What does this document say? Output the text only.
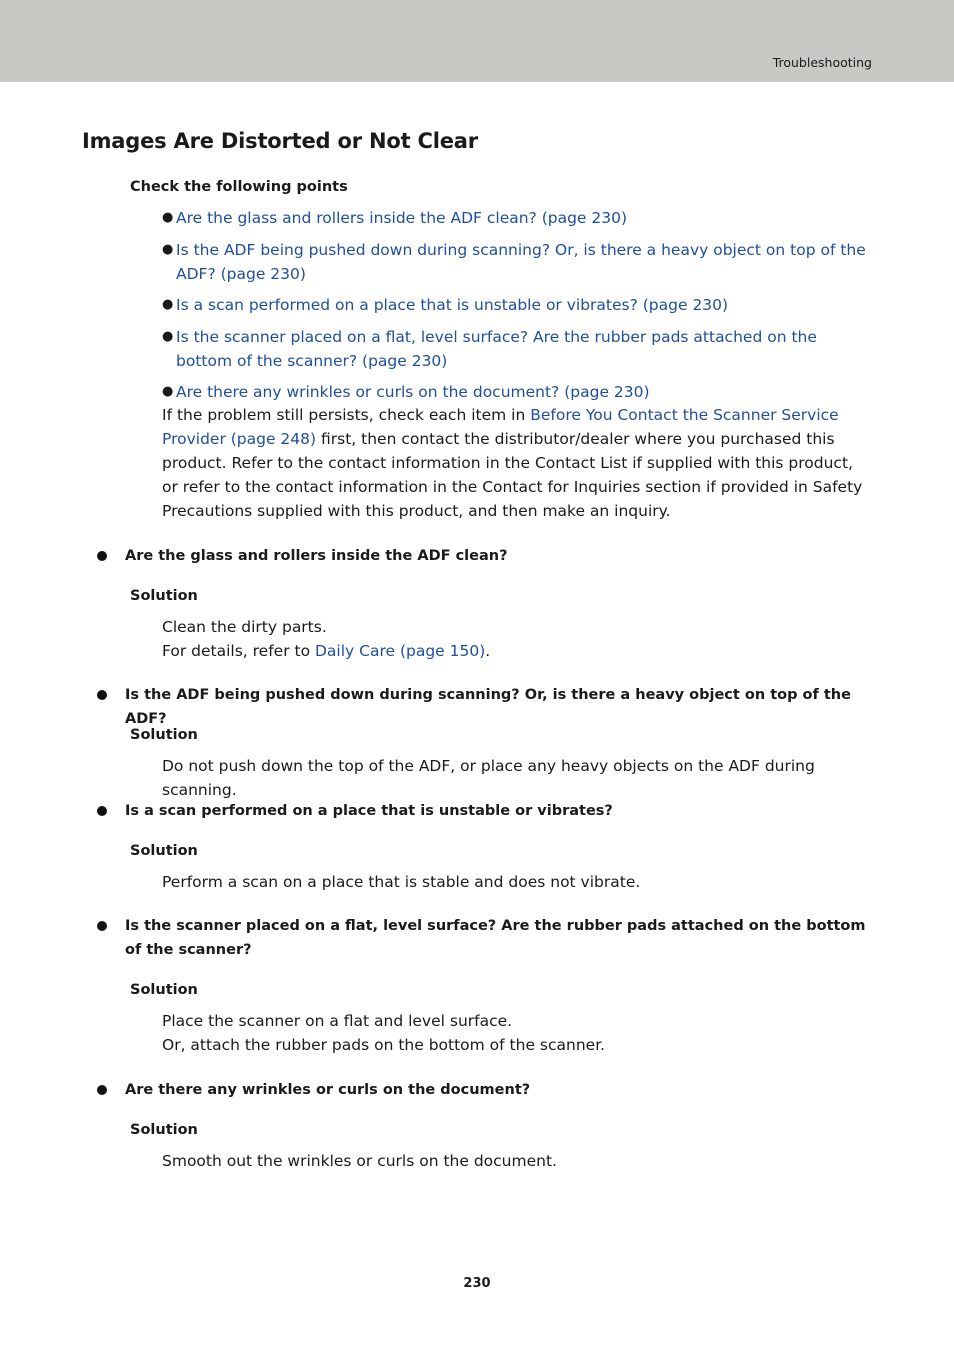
Troubleshooting
Images Are Distorted or Not Clear
Check the following points
● Are the glass and rollers inside the ADF clean? (page 230)
● Is the ADF being pushed down during scanning? Or, is there a heavy object on top of the ADF? (page 230)
● Is a scan performed on a place that is unstable or vibrates? (page 230)
● Is the scanner placed on a flat, level surface? Are the rubber pads attached on the bottom of the scanner? (page 230)
● Are there any wrinkles or curls on the document? (page 230)

If the problem still persists, check each item in Before You Contact the Scanner Service Provider (page 248) first, then contact the distributor/dealer where you purchased this product. Refer to the contact information in the Contact List if supplied with this product, or refer to the contact information in the Contact for Inquiries section if provided in Safety Precautions supplied with this product, and then make an inquiry.

Are the glass and rollers inside the ADF clean?
Solution

Clean the dirty parts.
For details, refer to Daily Care (page 150).

Is the ADF being pushed down during scanning? Or, is there a heavy object on top of the ADF?
Solution

Do not push down the top of the ADF, or place any heavy objects on the ADF during scanning.

Is a scan performed on a place that is unstable or vibrates?
Solution

Perform a scan on a place that is stable and does not vibrate.

Is the scanner placed on a flat, level surface? Are the rubber pads attached on the bottom of the scanner?
Solution

Place the scanner on a flat and level surface.
Or, attach the rubber pads on the bottom of the scanner.

Are there any wrinkles or curls on the document?
Solution

Smooth out the wrinkles or curls on the document.

230
